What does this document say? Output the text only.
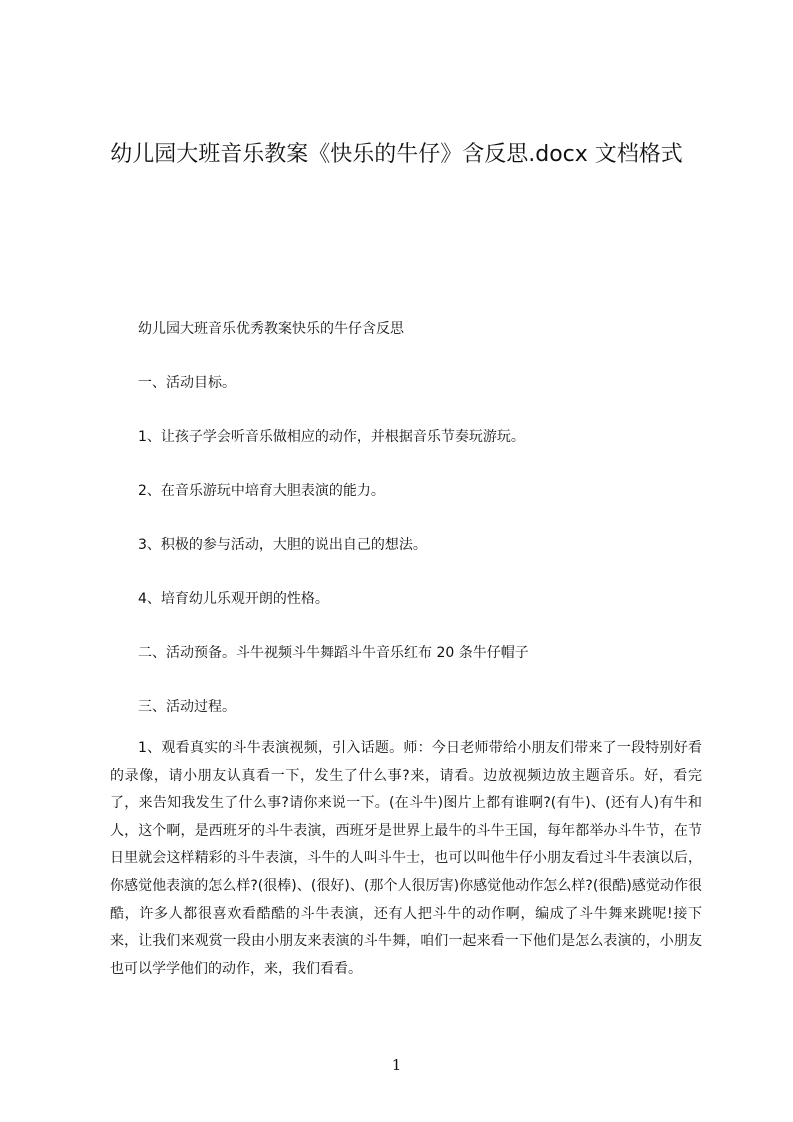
幼儿园大班音乐教案《快乐的牛仔》含反思.docx 文档格式

幼儿园大班音乐优秀教案快乐的牛仔含反思

一、活动目标。

1、让孩子学会听音乐做相应的动作，并根据音乐节奏玩游玩。

2、在音乐游玩中培育大胆表演的能力。

3、积极的参与活动，大胆的说出自己的想法。

4、培育幼儿乐观开朗的性格。

二、活动预备。斗牛视频斗牛舞蹈斗牛音乐红布 20 条牛仔帽子

三、活动过程。

1、观看真实的斗牛表演视频，引入话题。师：今日老师带给小朋友们带来了一段特别好看的录像，请小朋友认真看一下，发生了什么事?来，请看。边放视频边放主题音乐。好，看完了，来告知我发生了什么事?请你来说一下。(在斗牛)图片上都有谁啊?(有牛)、(还有人)有牛和人，这个啊，是西班牙的斗牛表演，西班牙是世界上最牛的斗牛王国，每年都举办斗牛节，在节日里就会这样精彩的斗牛表演，斗牛的人叫斗牛士，也可以叫他牛仔小朋友看过斗牛表演以后，你感觉他表演的怎么样?(很棒)、(很好)、(那个人很厉害)你感觉他动作怎么样?(很酷)感觉动作很酷，许多人都很喜欢看酷酷的斗牛表演，还有人把斗牛的动作啊，编成了斗牛舞来跳呢!接下来，让我们来观赏一段由小朋友来表演的斗牛舞，咱们一起来看一下他们是怎么表演的，小朋友也可以学学他们的动作，来，我们看看。

1
